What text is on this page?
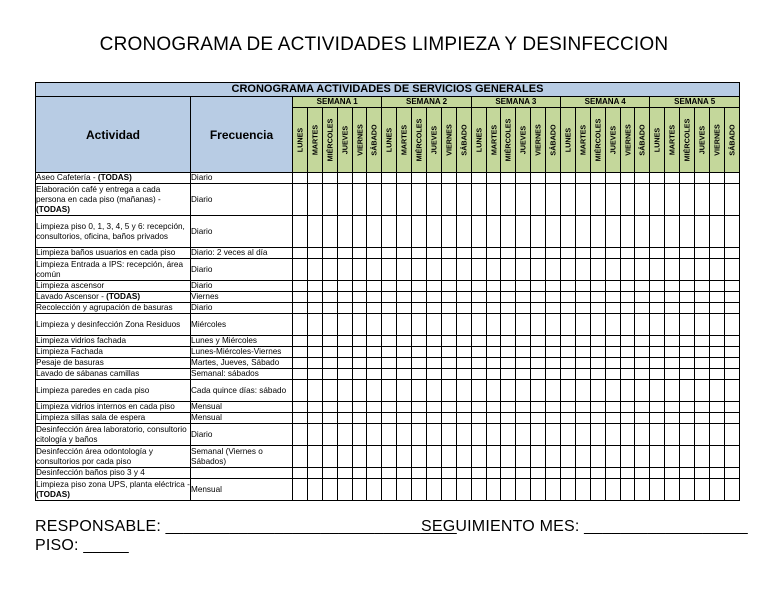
CRONOGRAMA DE ACTIVIDADES LIMPIEZA Y DESINFECCION
CRONOGRAMA ACTIVIDADES DE SERVICIOS GENERALES																															
Actividad	Frecuencia	SEMANA 1						SEMANA 2						SEMANA 3						SEMANA 4						SEMANA 5					

		LUNES	MARTES	MIÉRCOLES	JUEVES	VIERNES	SÁBADO	LUNES	MARTES	MIÉRCOLES	JUEVES	VIERNES	SÁBADO	LUNES	MARTES	MIÉRCOLES	JUEVES	VIERNES	SÁBADO	LUNES	MARTES	MIÉRCOLES	JUEVES	VIERNES	SÁBADO	LUNES	MARTES	MIÉRCOLES	JUEVES	VIERNES	SÁBADO

Aseo Cafetería - (TODAS)	Diario																														
Elaboración café y entrega a cada persona en cada piso (mañanas) - (TODAS)	Diario																														
Limpieza piso 0, 1, 3, 4, 5 y 6: recepción, consultorios, oficina, baños privados	Diario																														
Limpieza baños usuarios en cada piso	Diario: 2 veces al día																														
Limpieza Entrada a IPS: recepción, área común	Diario																														
Limpieza ascensor	Diario																														
Lavado Ascensor - (TODAS)	Viernes																														
Recolección y agrupación de basuras	Diario																														
Limpieza y desinfección Zona Residuos	Miércoles																														
Limpieza vidrios fachada	Lunes y Miércoles																														
Limpieza Fachada	Lunes-Miércoles-Viernes																														
Pesaje de basuras	Martes, Jueves, Sábado																														
Lavado de sábanas camillas	Semanal: sábados																														
Limpieza paredes en cada piso	Cada quince días: sábado																														
Limpieza vidrios internos en cada piso	Mensual																														
Limpieza sillas sala de espera	Mensual																														
Desinfección área laboratorio, consultorio citología y baños	Diario																														
Desinfección área odontología y consultorios por cada piso	Semanal (Viernes o Sábados)																														
Desinfección baños piso 3 y 4																															
Limpieza piso zona UPS, planta eléctrica - (TODAS)	Mensual																														
RESPONSABLE: ________________________________
SEGUIMIENTO MES: __________________
PISO: _____
